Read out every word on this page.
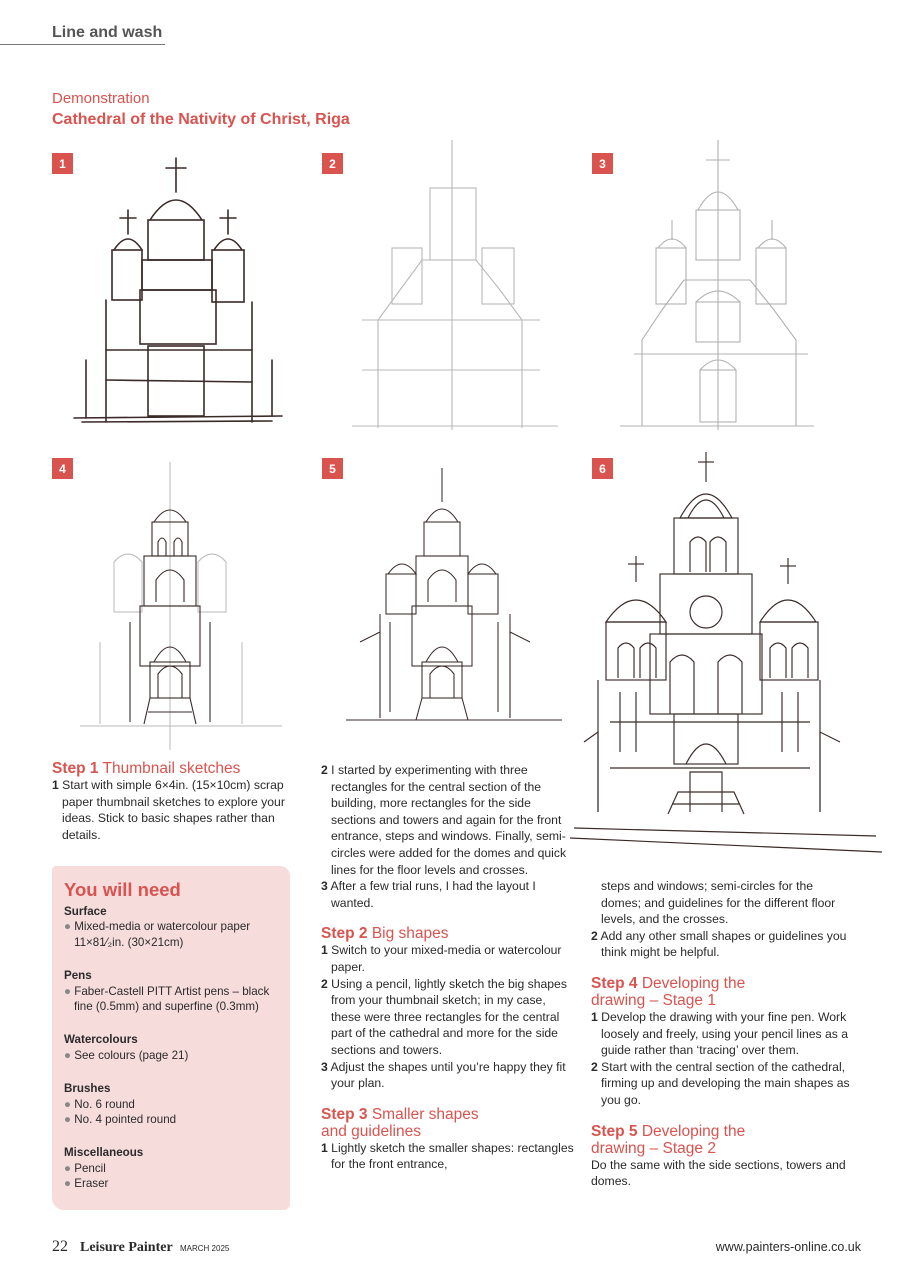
Line and wash
Demonstration
Cathedral of the Nativity of Christ, Riga
1	2	3
4	5	6

Step 1 Thumbnail sketches

1 Start with simple 6×4in. (15×10cm) scrap paper thumbnail sketches to explore your ideas. Stick to basic shapes rather than details.

You will need
Surface
● Mixed-media or watercolour paper 11×81⁄₂in. (30×21cm)
Pens
● Faber-Castell PITT Artist pens – black fine (0.5mm) and superfine (0.3mm)
Watercolours
● See colours (page 21)
Brushes
● No. 6 round
● No. 4 pointed round
Miscellaneous
● Pencil
● Eraser

2 I started by experimenting with three rectangles for the central section of the building, more rectangles for the side sections and towers and again for the front entrance, steps and windows. Finally, semi-circles were added for the domes and quick lines for the floor levels and crosses.

3 After a few trial runs, I had the layout I wanted.

Step 2 Big shapes

1 Switch to your mixed-media or watercolour paper.

2 Using a pencil, lightly sketch the big shapes from your thumbnail sketch; in my case, these were three rectangles for the central part of the cathedral and more for the side sections and towers.

3 Adjust the shapes until you’re happy they fit your plan.

Step 3 Smaller shapes and guidelines

1 Lightly sketch the smaller shapes: rectangles for the front entrance,

steps and windows; semi-circles for the domes; and guidelines for the different floor levels, and the crosses.

2 Add any other small shapes or guidelines you think might be helpful.

Step 4 Developing the drawing – Stage 1

1 Develop the drawing with your fine pen. Work loosely and freely, using your pencil lines as a guide rather than ‘tracing’ over them.

2 Start with the central section of the cathedral, firming up and developing the main shapes as you go.

Step 5 Developing the drawing – Stage 2

Do the same with the side sections, towers and domes.

22 Leisure Painter MARCH 2025	www.painters-online.co.uk
